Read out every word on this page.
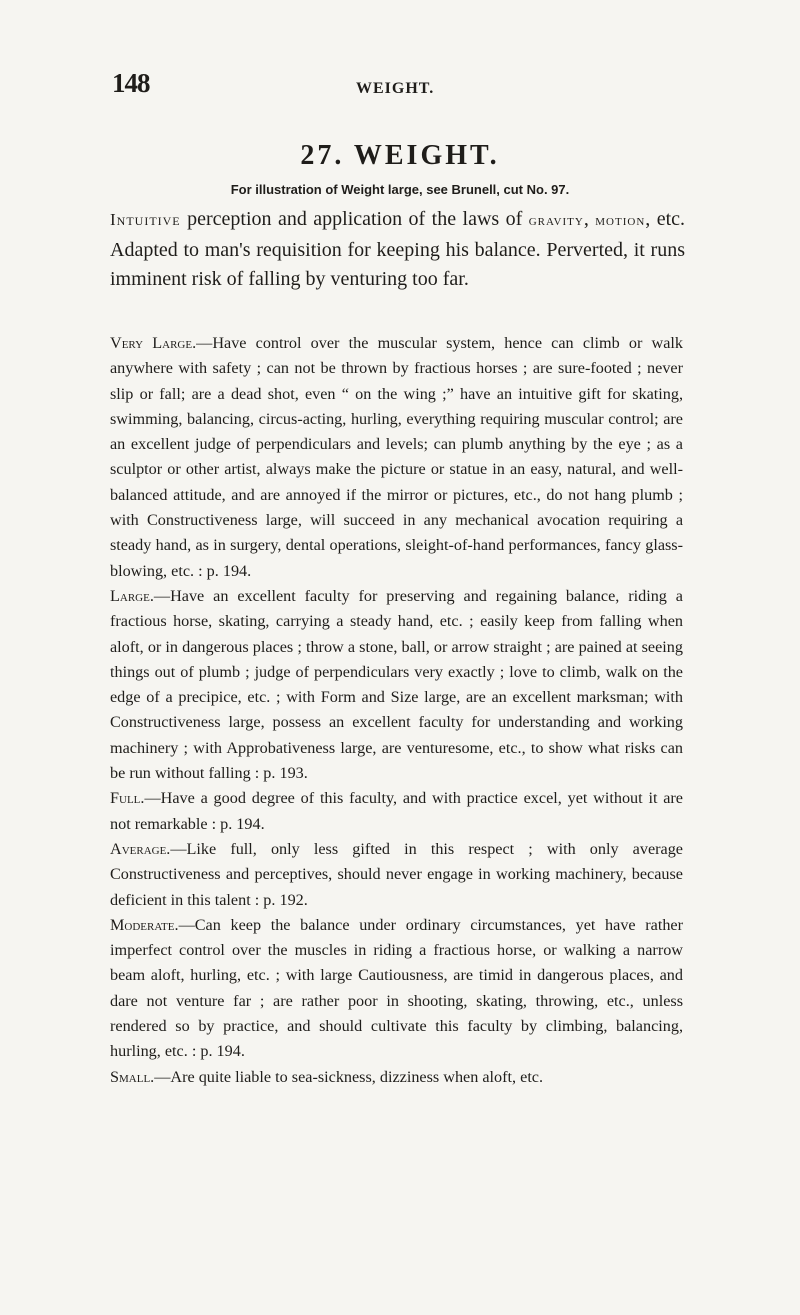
148	WEIGHT.
27. WEIGHT.
For illustration of Weight large, see Brunell, cut No. 97.

Intuitive perception and application of the laws of gravity, motion, etc. Adapted to man's requisition for keeping his balance. Perverted, it runs imminent risk of falling by venturing too far.

Very Large.—Have control over the muscular system, hence can climb or walk anywhere with safety ; can not be thrown by fractious horses ; are sure-footed ; never slip or fall; are a dead shot, even “ on the wing ;” have an intuitive gift for skating, swimming, balancing, circus-acting, hurling, everything requiring muscular control; are an excellent judge of perpendiculars and levels; can plumb anything by the eye ; as a sculptor or other artist, always make the picture or statue in an easy, natural, and well-balanced attitude, and are annoyed if the mirror or pictures, etc., do not hang plumb ; with Constructiveness large, will succeed in any mechanical avocation requiring a steady hand, as in surgery, dental operations, sleight-of-hand performances, fancy glass-blowing, etc. : p. 194.

Large.—Have an excellent faculty for preserving and regaining balance, riding a fractious horse, skating, carrying a steady hand, etc. ; easily keep from falling when aloft, or in dangerous places ; throw a stone, ball, or arrow straight ; are pained at seeing things out of plumb ; judge of perpendiculars very exactly ; love to climb, walk on the edge of a precipice, etc. ; with Form and Size large, are an excellent marksman; with Constructiveness large, possess an excellent faculty for understanding and working machinery ; with Approbativeness large, are venturesome, etc., to show what risks can be run without falling : p. 193.

Full.—Have a good degree of this faculty, and with practice excel, yet without it are not remarkable : p. 194.

Average.—Like full, only less gifted in this respect ; with only average Constructiveness and perceptives, should never engage in working machinery, because deficient in this talent : p. 192.

Moderate.—Can keep the balance under ordinary circumstances, yet have rather imperfect control over the muscles in riding a fractious horse, or walking a narrow beam aloft, hurling, etc. ; with large Cautiousness, are timid in dangerous places, and dare not venture far ; are rather poor in shooting, skating, throwing, etc., unless rendered so by practice, and should cultivate this faculty by climbing, balancing, hurling, etc. : p. 194.

Small.—Are quite liable to sea-sickness, dizziness when aloft, etc.
